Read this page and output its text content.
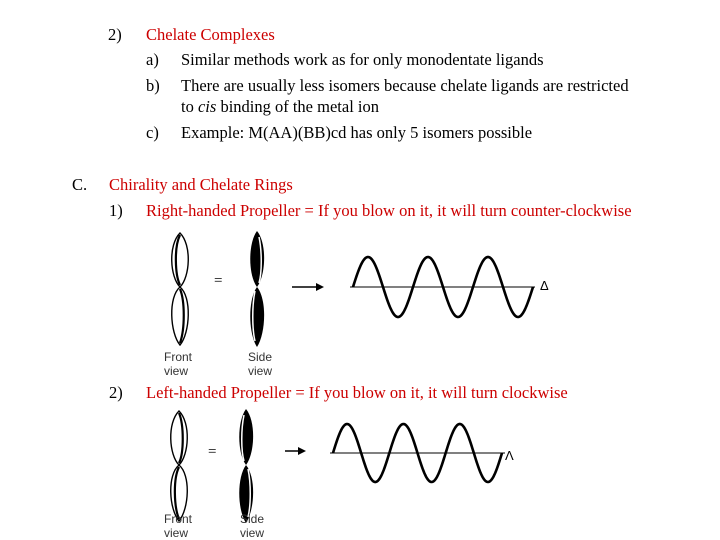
2) Chelate Complexes
a) Similar methods work as for only monodentate ligands
b) There are usually less isomers because chelate ligands are restricted
to cis binding of the metal ion
c) Example: M(AA)(BB)cd has only 5 isomers possible
C. Chirality and Chelate Rings
1) Right-handed Propeller = If you blow on it, it will turn counter-clockwise
=	Δ
Front
view
Side
view
2) Left-handed Propeller = If you blow on it, it will turn clockwise
=	Λ
Front
view
Side
view
